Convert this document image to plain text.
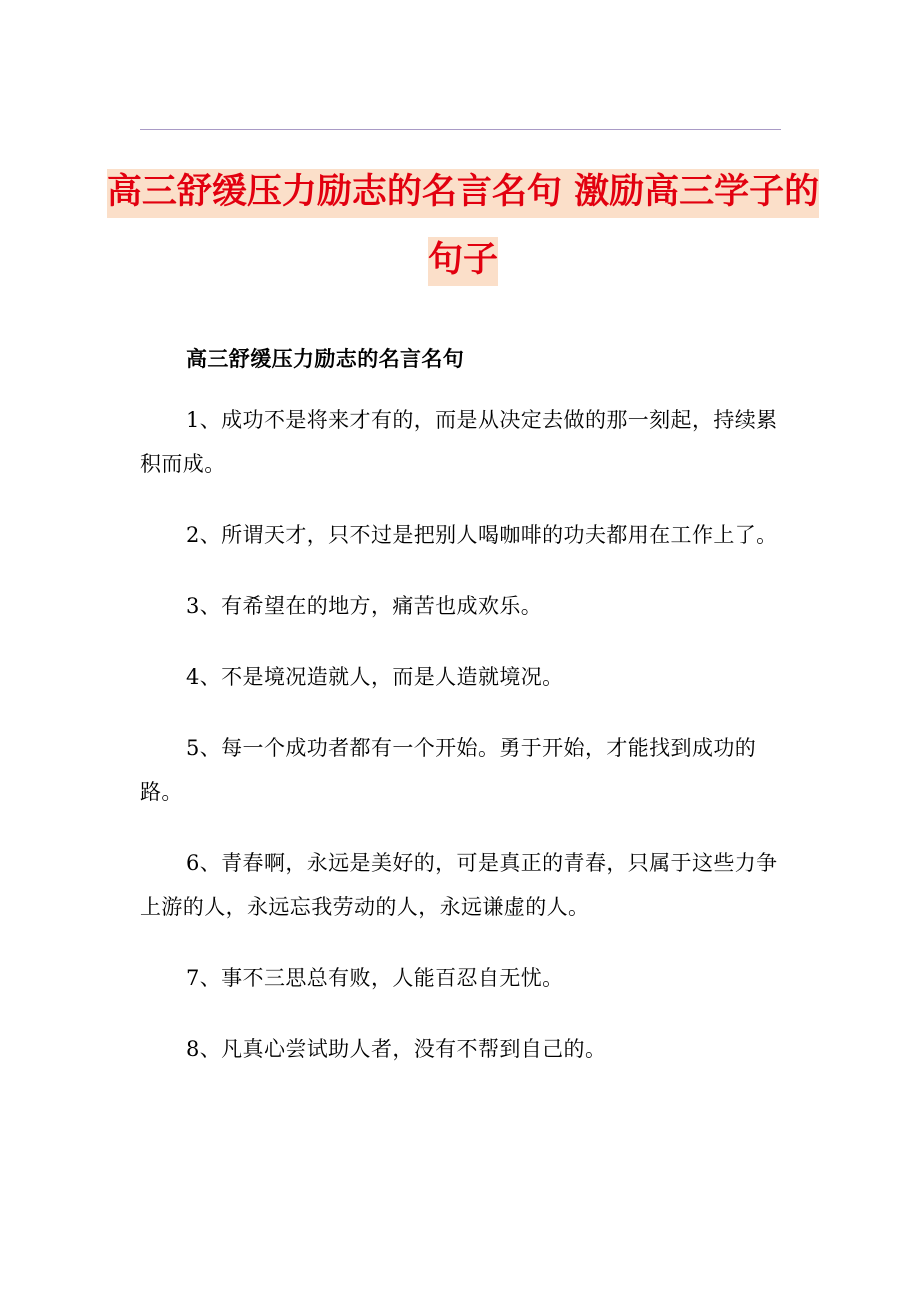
高三舒缓压力励志的名言名句 激励高三学子的句子

高三舒缓压力励志的名言名句

1、成功不是将来才有的，而是从决定去做的那一刻起，持续累积而成。

2、所谓天才，只不过是把别人喝咖啡的功夫都用在工作上了。

3、有希望在的地方，痛苦也成欢乐。

4、不是境况造就人，而是人造就境况。

5、每一个成功者都有一个开始。勇于开始，才能找到成功的路。

6、青春啊，永远是美好的，可是真正的青春，只属于这些力争上游的人，永远忘我劳动的人，永远谦虚的人。

7、事不三思总有败，人能百忍自无忧。

8、凡真心尝试助人者，没有不帮到自己的。
